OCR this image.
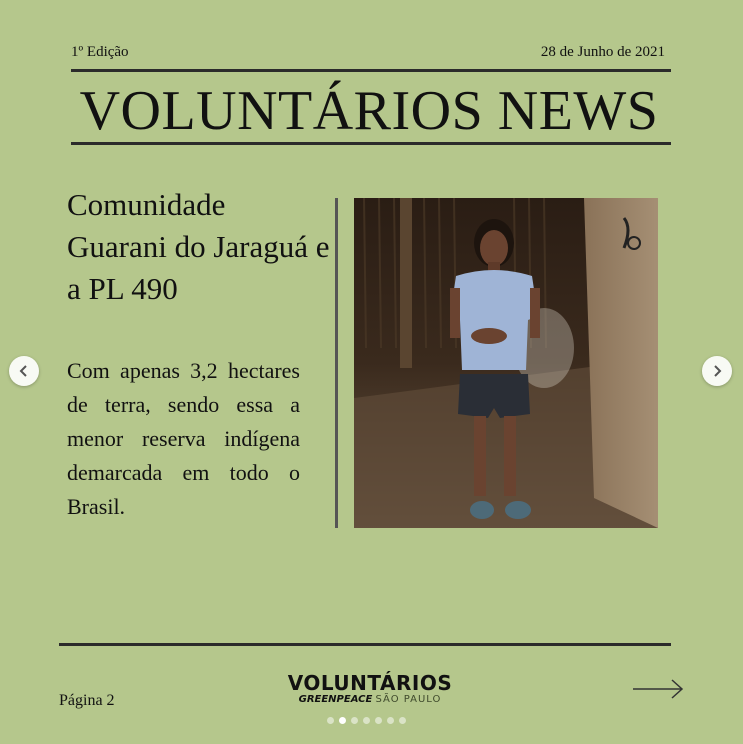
1º Edição	28 de Junho de 2021
VOLUNTÁRIOS NEWS
Comunidade Guarani do Jaraguá e a PL 490
Com apenas 3,2 hectares de terra, sendo essa a menor reserva indígena demarcada em todo o Brasil.
Página 2
VOLUNTÁRIOS
GREENPEACE SÃO PAULO
